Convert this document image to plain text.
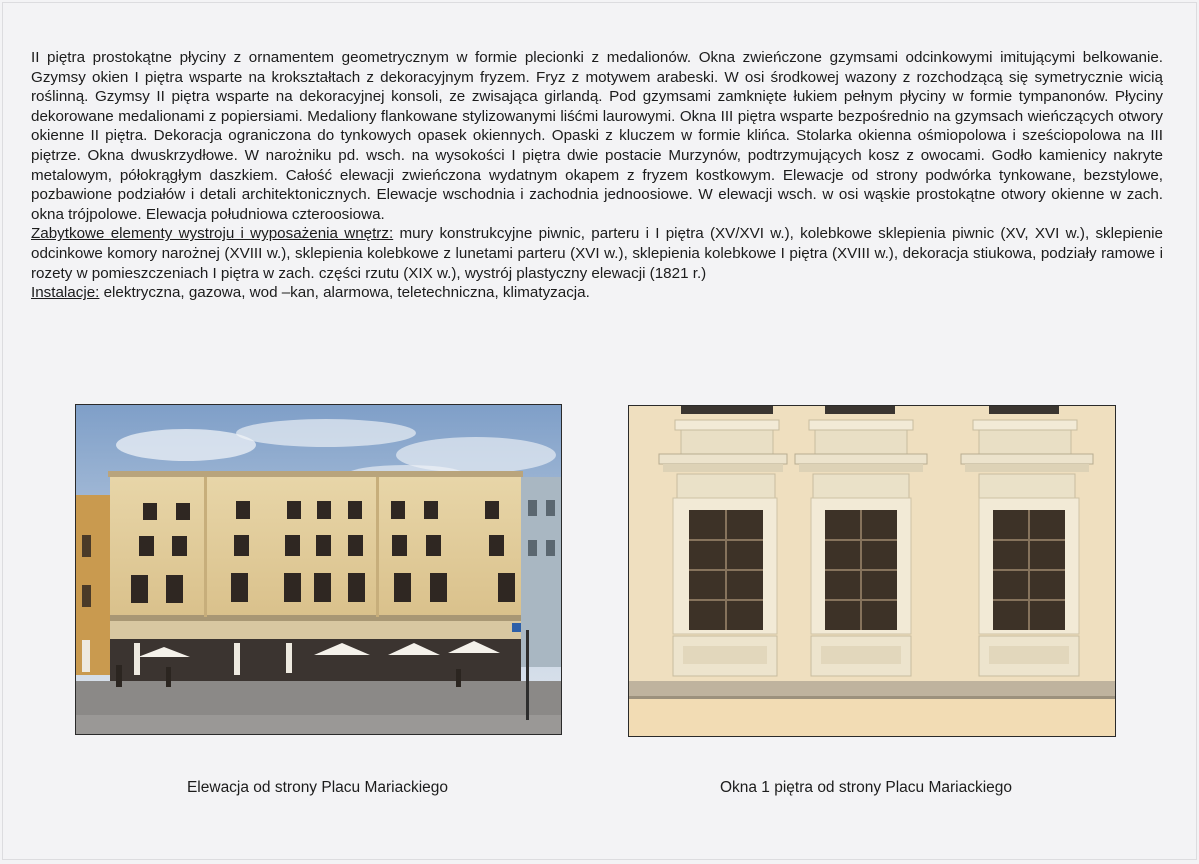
II piętra prostokątne płyciny z ornamentem geometrycznym w formie plecionki z medalionów. Okna zwieńczone gzymsami odcinkowymi imitującymi belkowanie. Gzymsy okien I piętra wsparte na krokształtach z dekoracyjnym fryzem. Fryz z motywem arabeski. W osi środkowej wazony z rozchodzącą się symetrycznie wicią roślinną. Gzymsy II piętra wsparte na dekoracyjnej konsoli, ze zwisająca girlandą. Pod gzymsami zamknięte łukiem pełnym płyciny w formie tympanonów. Płyciny dekorowane medalionami z popiersiami. Medaliony flankowane stylizowanymi liśćmi laurowymi. Okna III piętra wsparte bezpośrednio na gzymsach wieńczących otwory okienne II piętra. Dekoracja ograniczona do tynkowych opasek okiennych. Opaski z kluczem w formie klińca. Stolarka okienna ośmiopolowa i sześciopolowa na III piętrze. Okna dwuskrzydłowe. W narożniku pd. wsch. na wysokości I piętra dwie postacie Murzynów, podtrzymujących kosz z owocami. Godło kamienicy nakryte metalowym, półokrągłym daszkiem. Całość elewacji zwieńczona wydatnym okapem z fryzem kostkowym. Elewacje od strony podwórka tynkowane, bezstylowe, pozbawione podziałów i detali architektonicznych. Elewacje wschodnia i zachodnia jednoosiowe. W elewacji wsch. w osi wąskie prostokątne otwory okienne w zach. okna trójpolowe. Elewacja południowa czteroosiowa.

Zabytkowe elementy wystroju i wyposażenia wnętrz: mury konstrukcyjne piwnic, parteru i I piętra (XV/XVI w.), kolebkowe sklepienia piwnic (XV, XVI w.), sklepienie odcinkowe komory narożnej (XVIII w.), sklepienia kolebkowe z lunetami parteru (XVI w.), sklepienia kolebkowe I piętra (XVIII w.), dekoracja stiukowa, podziały ramowe i rozety w pomieszczeniach I piętra w zach. części rzutu (XIX w.), wystrój plastyczny elewacji (1821 r.)

Instalacje: elektryczna, gazowa, wod –kan, alarmowa, teletechniczna, klimatyzacja.

Elewacja od strony Placu Mariackiego	Okna 1 piętra od strony Placu Mariackiego
